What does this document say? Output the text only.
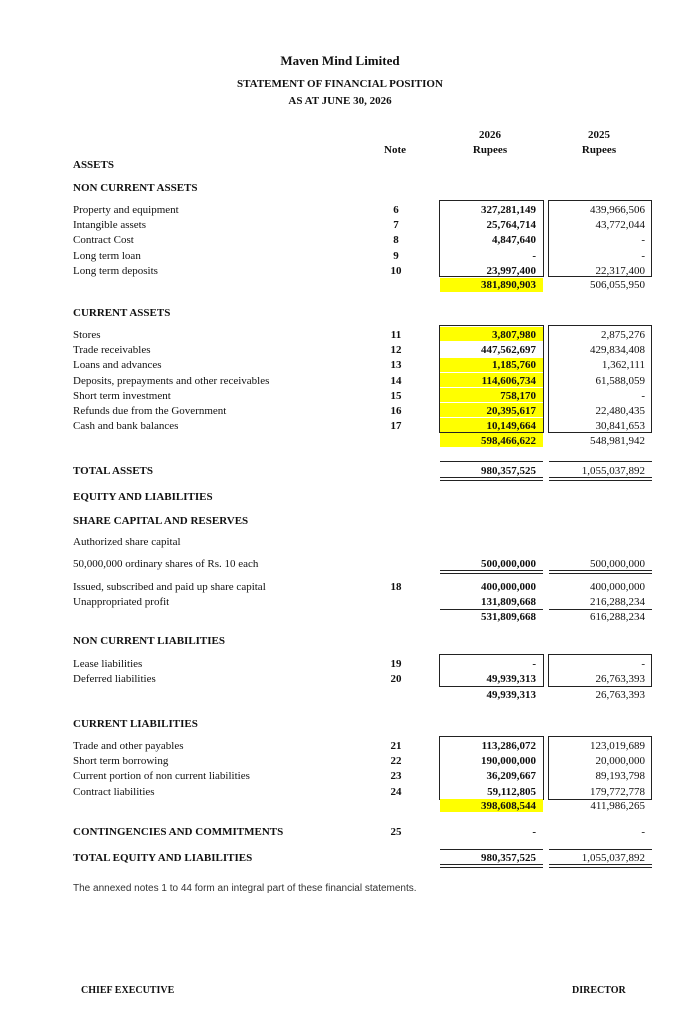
Maven Mind Limited
STATEMENT OF FINANCIAL POSITION
AS AT JUNE 30, 2026
2026	2025
Note	Rupees	Rupees
ASSETS
NON CURRENT ASSETS
Property and equipment	6	327,281,149	439,966,506
Intangible assets	7	25,764,714	43,772,044
Contract Cost	8	4,847,640	-
Long term loan	9	-	-
Long term deposits	10	23,997,400	22,317,400
381,890,903	506,055,950
CURRENT ASSETS
Stores	11	3,807,980	2,875,276
Trade receivables	12	447,562,697	429,834,408
Loans and advances	13	1,185,760	1,362,111
Deposits, prepayments and other receivables	14	114,606,734	61,588,059
Short term investment	15	758,170	-
Refunds due from the Government	16	20,395,617	22,480,435
Cash and bank balances	17	10,149,664	30,841,653
598,466,622	548,981,942
TOTAL ASSETS	980,357,525	1,055,037,892
EQUITY AND LIABILITIES
SHARE CAPITAL AND RESERVES
Authorized share capital
50,000,000 ordinary shares of Rs. 10 each	500,000,000	500,000,000
Issued, subscribed and paid up share capital	18	400,000,000	400,000,000
Unappropriated profit	131,809,668	216,288,234
531,809,668	616,288,234
NON CURRENT LIABILITIES
Lease liabilities	19	-	-
Deferred liabilities	20	49,939,313	26,763,393
49,939,313	26,763,393
CURRENT LIABILITIES
Trade and other payables	21	113,286,072	123,019,689
Short term borrowing	22	190,000,000	20,000,000
Current portion of non current liabilities	23	36,209,667	89,193,798
Contract liabilities	24	59,112,805	179,772,778
398,608,544	411,986,265
CONTINGENCIES AND COMMITMENTS	25	-	-
TOTAL EQUITY AND LIABILITIES	980,357,525	1,055,037,892
The annexed notes 1 to 44 form an integral part of these financial statements.
CHIEF EXECUTIVE	DIRECTOR
